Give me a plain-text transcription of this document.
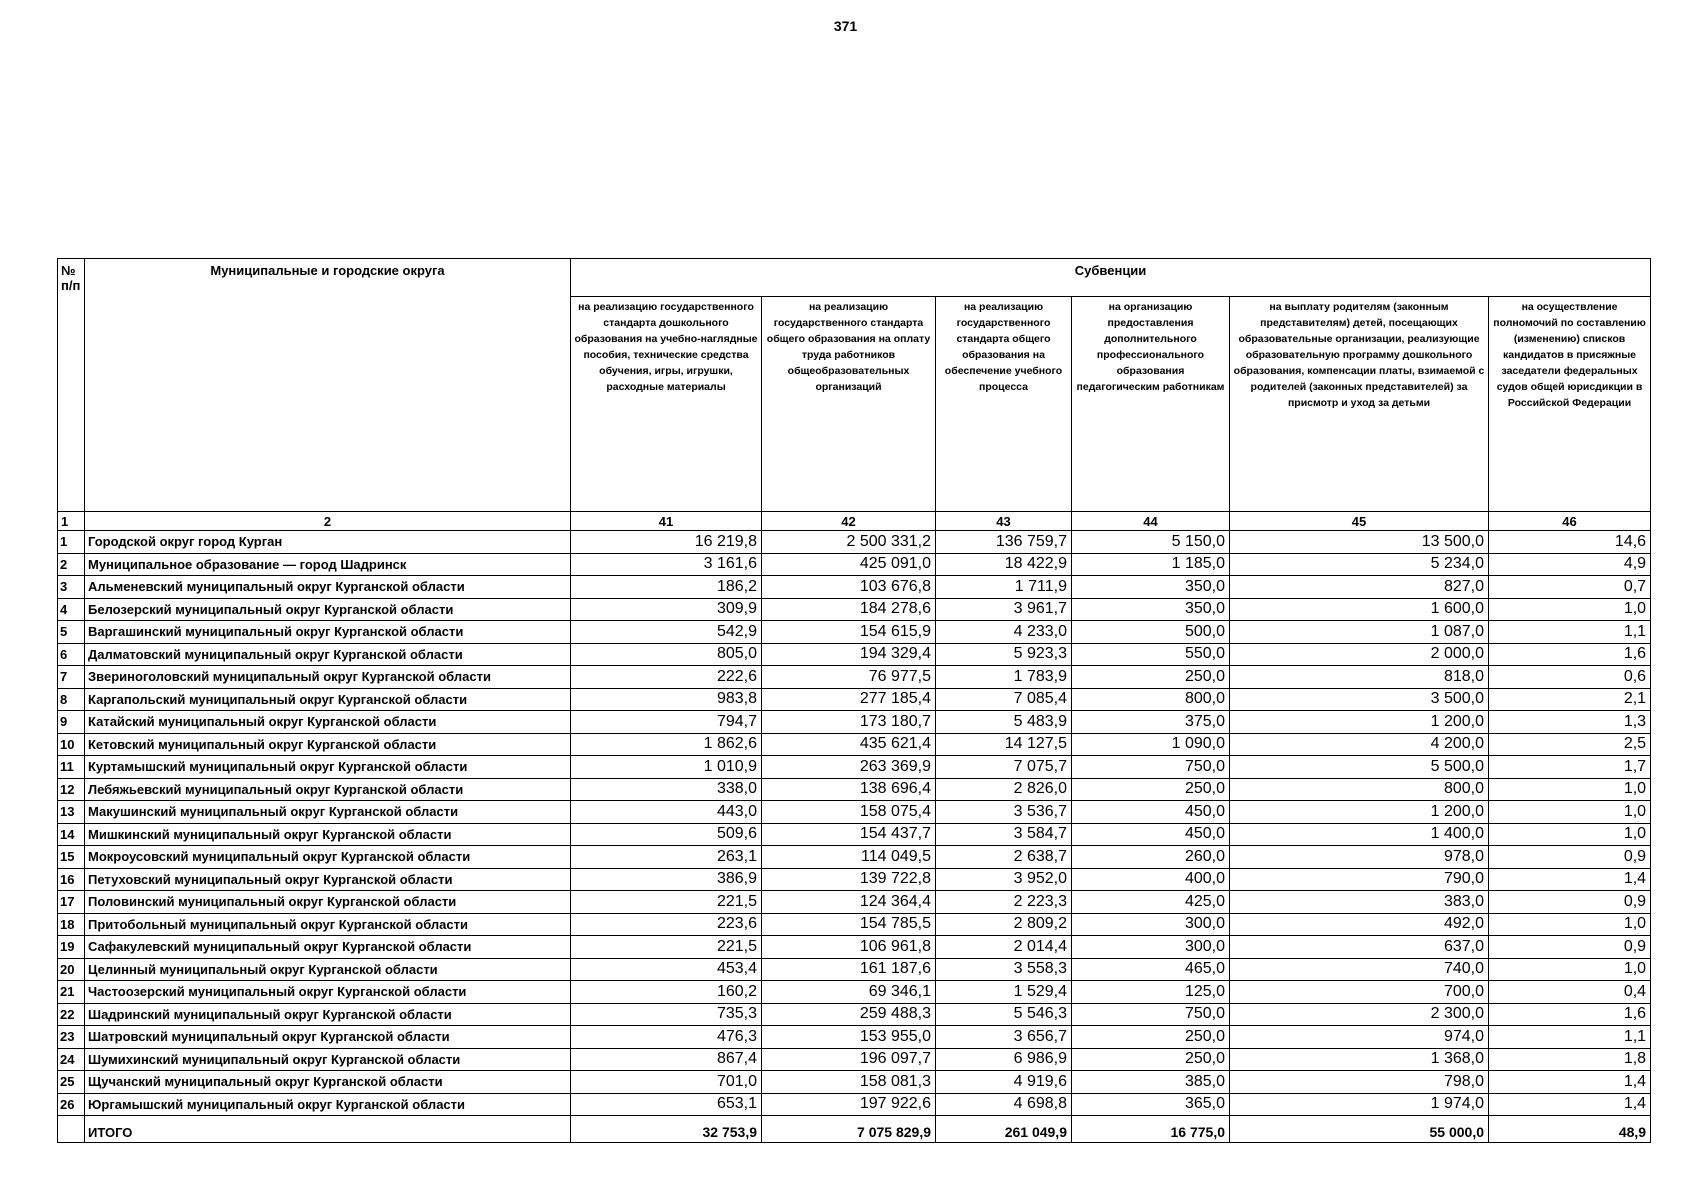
371
№ п/п	Муниципальные и городские округа	Субвенции					
		на реализацию государственного стандарта дошкольного образования на учебно-наглядные пособия, технические средства обучения, игры, игрушки, расходные материалы	на реализацию государственного стандарта общего образования на оплату труда работников общеобразовательных организаций	на реализацию государственного стандарта общего образования на обеспечение учебного процесса	на организацию предоставления дополнительного профессионального образования педагогическим работникам	на выплату родителям (законным представителям) детей, посещающих образовательные организации, реализующие образовательную программу дошкольного образования, компенсации платы, взимаемой с родителей (законных представителей) за присмотр и уход за детьми	на осуществление полномочий по составлению (изменению) списков кандидатов в присяжные заседатели федеральных судов общей юрисдикции в Российской Федерации
1	2	41	42	43	44	45	46
1	Городской округ город Курган	16 219,8	2 500 331,2	136 759,7	5 150,0	13 500,0	14,6
2	Муниципальное образование — город Шадринск	3 161,6	425 091,0	18 422,9	1 185,0	5 234,0	4,9
3	Альменевский муниципальный округ Курганской области	186,2	103 676,8	1 711,9	350,0	827,0	0,7
4	Белозерский муниципальный округ Курганской области	309,9	184 278,6	3 961,7	350,0	1 600,0	1,0
5	Варгашинский муниципальный округ Курганской области	542,9	154 615,9	4 233,0	500,0	1 087,0	1,1
6	Далматовский муниципальный округ Курганской области	805,0	194 329,4	5 923,3	550,0	2 000,0	1,6
7	Звериноголовский муниципальный округ Курганской области	222,6	76 977,5	1 783,9	250,0	818,0	0,6
8	Каргапольский муниципальный округ Курганской области	983,8	277 185,4	7 085,4	800,0	3 500,0	2,1
9	Катайский муниципальный округ Курганской области	794,7	173 180,7	5 483,9	375,0	1 200,0	1,3
10	Кетовский муниципальный округ Курганской области	1 862,6	435 621,4	14 127,5	1 090,0	4 200,0	2,5
11	Куртамышский муниципальный округ Курганской области	1 010,9	263 369,9	7 075,7	750,0	5 500,0	1,7
12	Лебяжьевский муниципальный округ Курганской области	338,0	138 696,4	2 826,0	250,0	800,0	1,0
13	Макушинский муниципальный округ Курганской области	443,0	158 075,4	3 536,7	450,0	1 200,0	1,0
14	Мишкинский муниципальный округ Курганской области	509,6	154 437,7	3 584,7	450,0	1 400,0	1,0
15	Мокроусовский муниципальный округ Курганской области	263,1	114 049,5	2 638,7	260,0	978,0	0,9
16	Петуховский муниципальный округ Курганской области	386,9	139 722,8	3 952,0	400,0	790,0	1,4
17	Половинский муниципальный округ Курганской области	221,5	124 364,4	2 223,3	425,0	383,0	0,9
18	Притобольный муниципальный округ Курганской области	223,6	154 785,5	2 809,2	300,0	492,0	1,0
19	Сафакулевский муниципальный округ Курганской области	221,5	106 961,8	2 014,4	300,0	637,0	0,9
20	Целинный муниципальный округ Курганской области	453,4	161 187,6	3 558,3	465,0	740,0	1,0
21	Частоозерский муниципальный округ Курганской области	160,2	69 346,1	1 529,4	125,0	700,0	0,4
22	Шадринский муниципальный округ Курганской области	735,3	259 488,3	5 546,3	750,0	2 300,0	1,6
23	Шатровский муниципальный округ Курганской области	476,3	153 955,0	3 656,7	250,0	974,0	1,1
24	Шумихинский муниципальный округ Курганской области	867,4	196 097,7	6 986,9	250,0	1 368,0	1,8
25	Щучанский муниципальный округ Курганской области	701,0	158 081,3	4 919,6	385,0	798,0	1,4
26	Юргамышский муниципальный округ Курганской области	653,1	197 922,6	4 698,8	365,0	1 974,0	1,4
	ИТОГО	32 753,9	7 075 829,9	261 049,9	16 775,0	55 000,0	48,9
